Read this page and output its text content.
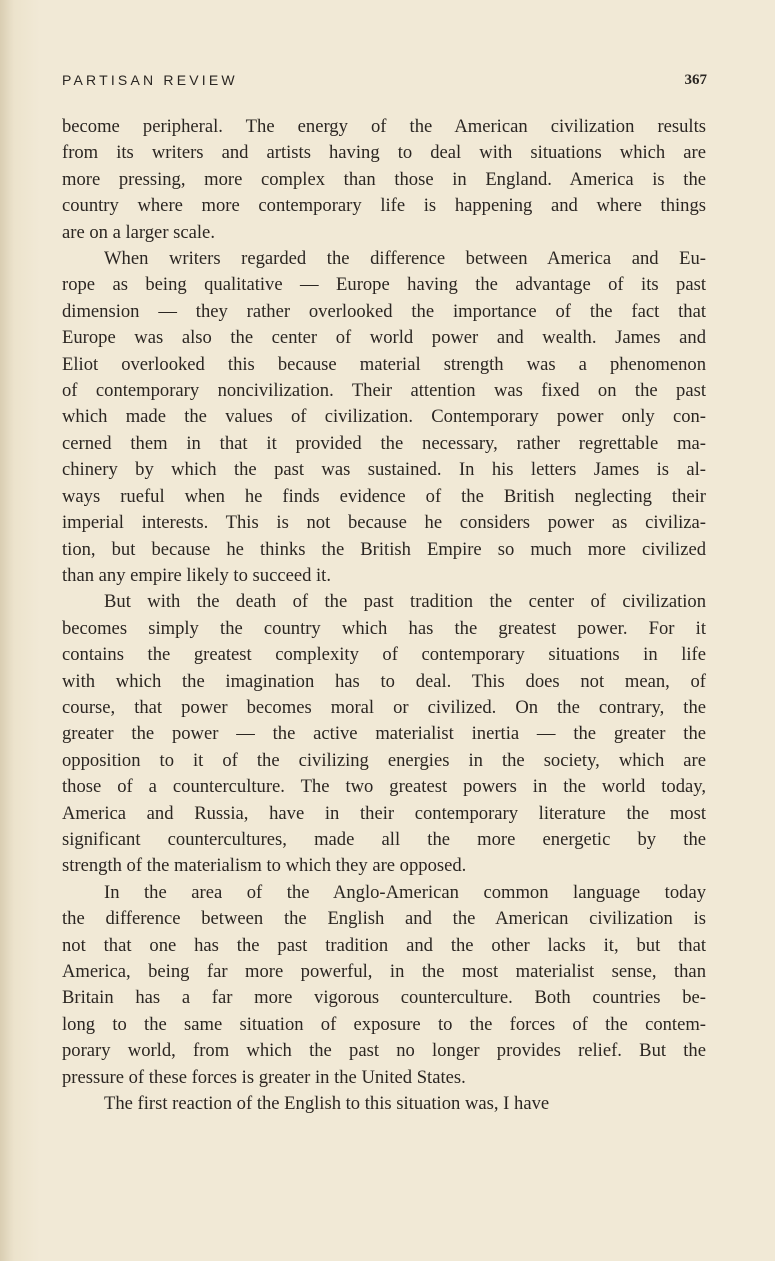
PARTISAN REVIEW	367

become peripheral. The energy of the American civilization results

from its writers and artists having to deal with situations which are

more pressing, more complex than those in England. America is the

country where more contemporary life is happening and where things

are on a larger scale.

When writers regarded the difference between America and Eu-

rope as being qualitative — Europe having the advantage of its past

dimension — they rather overlooked the importance of the fact that

Europe was also the center of world power and wealth. James and

Eliot overlooked this because material strength was a phenomenon

of contemporary noncivilization. Their attention was fixed on the past

which made the values of civilization. Contemporary power only con-

cerned them in that it provided the necessary, rather regrettable ma-

chinery by which the past was sustained. In his letters James is al-

ways rueful when he finds evidence of the British neglecting their

imperial interests. This is not because he considers power as civiliza-

tion, but because he thinks the British Empire so much more civilized

than any empire likely to succeed it.

But with the death of the past tradition the center of civilization

becomes simply the country which has the greatest power. For it

contains the greatest complexity of contemporary situations in life

with which the imagination has to deal. This does not mean, of

course, that power becomes moral or civilized. On the contrary, the

greater the power — the active materialist inertia — the greater the

opposition to it of the civilizing energies in the society, which are

those of a counterculture. The two greatest powers in the world today,

America and Russia, have in their contemporary literature the most

significant countercultures, made all the more energetic by the

strength of the materialism to which they are opposed.

In the area of the Anglo-American common language today

the difference between the English and the American civilization is

not that one has the past tradition and the other lacks it, but that

America, being far more powerful, in the most materialist sense, than

Britain has a far more vigorous counterculture. Both countries be-

long to the same situation of exposure to the forces of the contem-

porary world, from which the past no longer provides relief. But the

pressure of these forces is greater in the United States.

The first reaction of the English to this situation was, I have
